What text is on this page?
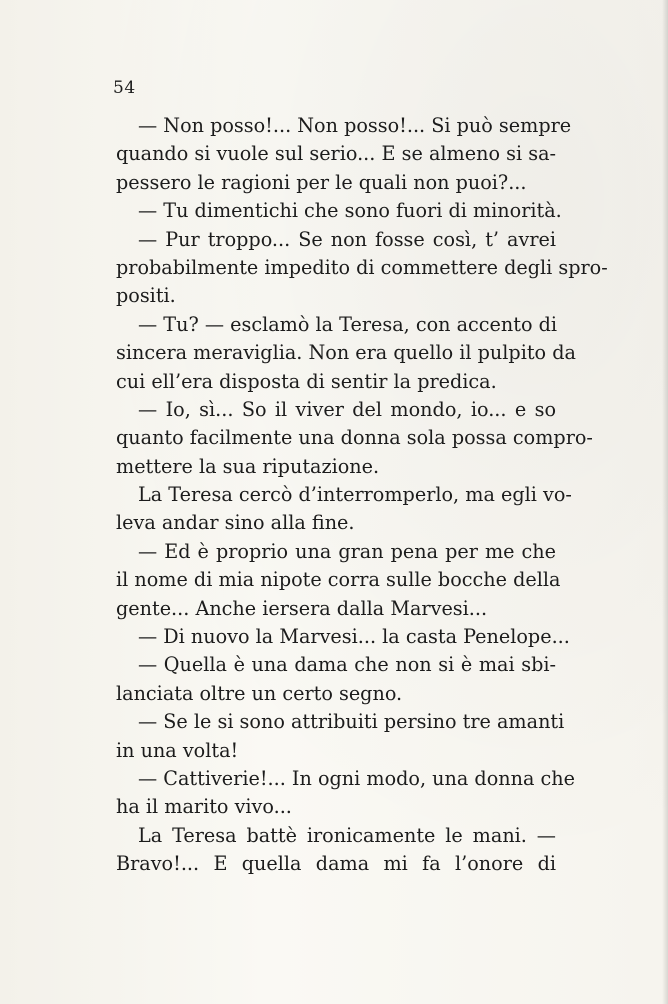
54
— Non posso!... Non posso!... Si può sempre
quando si vuole sul serio... E se almeno si sa-
pessero le ragioni per le quali non puoi?...
— Tu dimentichi che sono fuori di minorità.
— Pur troppo... Se non fosse così, t’ avrei
probabilmente impedito di commettere degli spro-
positi.
— Tu? — esclamò la Teresa, con accento di
sincera meraviglia. Non era quello il pulpito da
cui ell’era disposta di sentir la predica.
— Io, sì... So il viver del mondo, io... e so
quanto facilmente una donna sola possa compro-
mettere la sua riputazione.
La Teresa cercò d’interromperlo, ma egli vo-
leva andar sino alla fine.
— Ed è proprio una gran pena per me che
il nome di mia nipote corra sulle bocche della
gente... Anche iersera dalla Marvesi...
— Di nuovo la Marvesi... la casta Penelope...
— Quella è una dama che non si è mai sbi-
lanciata oltre un certo segno.
— Se le si sono attribuiti persino tre amanti
in una volta!
— Cattiverie!... In ogni modo, una donna che
ha il marito vivo...
La Teresa battè ironicamente le mani. —
Bravo!... E quella dama mi fa l’onore di
